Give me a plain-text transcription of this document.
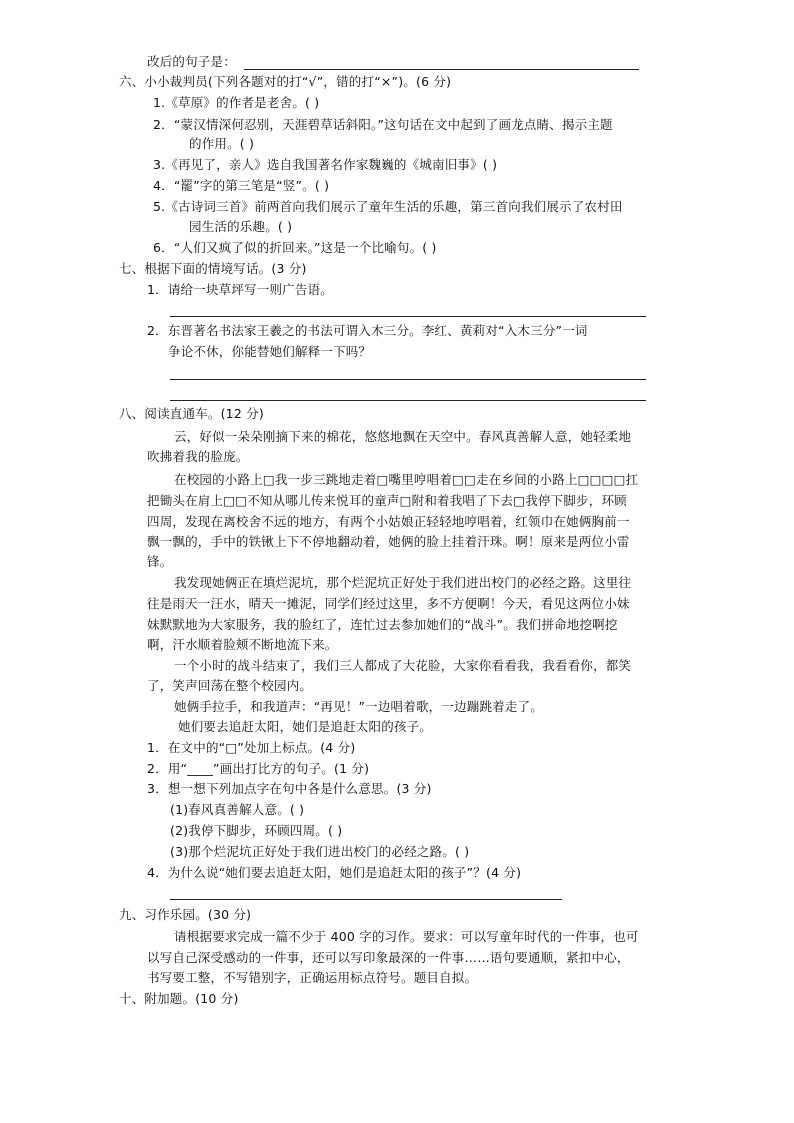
改后的句子是：
六、小小裁判员(下列各题对的打“√”，错的打“×”)。(6 分)
1.《草原》的作者是老舍。( )
2．“蒙汉情深何忍别，天涯碧草话斜阳。”这句话在文中起到了画龙点睛、揭示主题
的作用。( )
3.《再见了，亲人》选自我国著名作家魏巍的《城南旧事》( )
4．“罷”字的第三笔是“竖”。( )
5.《古诗词三首》前两首向我们展示了童年生活的乐趣，第三首向我们展示了农村田
园生活的乐趣。( )
6．“人们又疯了似的折回来。”这是一个比喻句。( )
七、根据下面的情境写话。(3 分)
1．请给一块草坪写一则广告语。
2．东晋著名书法家王羲之的书法可谓入木三分。李红、黄莉对“入木三分”一词
争论不休，你能替她们解释一下吗？
八、阅读直通车。(12 分)
云，好似一朵朵刚摘下来的棉花，悠悠地飘在天空中。春风真善解人意，她轻柔地
吹拂着我的脸庞。
在校园的小路上□我一步三跳地走着□嘴里哼唱着□□走在乡间的小路上□□□□扛
把锄头在肩上□□不知从哪儿传来悦耳的童声□附和着我唱了下去□我停下脚步，环顾
四周，发现在离校舍不远的地方，有两个小姑娘正轻轻地哼唱着，红领巾在她俩胸前一
飘一飘的，手中的铁锹上下不停地翻动着，她俩的脸上挂着汗珠。啊！原来是两位小雷
锋。
我发现她俩正在填烂泥坑，那个烂泥坑正好处于我们进出校门的必经之路。这里往
往是雨天一汪水，晴天一摊泥，同学们经过这里，多不方便啊！今天，看见这两位小妹
妹默默地为大家服务，我的脸红了，连忙过去参加她们的“战斗”。我们拼命地挖啊挖
啊，汗水顺着脸颊不断地流下来。
一个小时的战斗结束了，我们三人都成了大花脸，大家你看看我，我看看你，都笑
了，笑声回荡在整个校园内。
她俩手拉手，和我道声：“再见！”一边唱着歌，一边蹦跳着走了。
她们要去追赶太阳，她们是追赶太阳的孩子。
1．在文中的“□”处加上标点。(4 分)
2．用“____”画出打比方的句子。(1 分)
3．想一想下列加点字在句中各是什么意思。(3 分)
(1)春风真善解人意。( )
(2)我停下脚步，环顾四周。( )
(3)那个烂泥坑正好处于我们进出校门的必经之路。( )
4．为什么说“她们要去追赶太阳，她们是追赶太阳的孩子”？(4 分)
九、习作乐园。(30 分)
请根据要求完成一篇不少于 400 字的习作。要求：可以写童年时代的一件事，也可
以写自己深受感动的一件事，还可以写印象最深的一件事……语句要通顺，紧扣中心，
书写要工整，不写错别字，正确运用标点符号。题目自拟。
十、附加题。(10 分)
